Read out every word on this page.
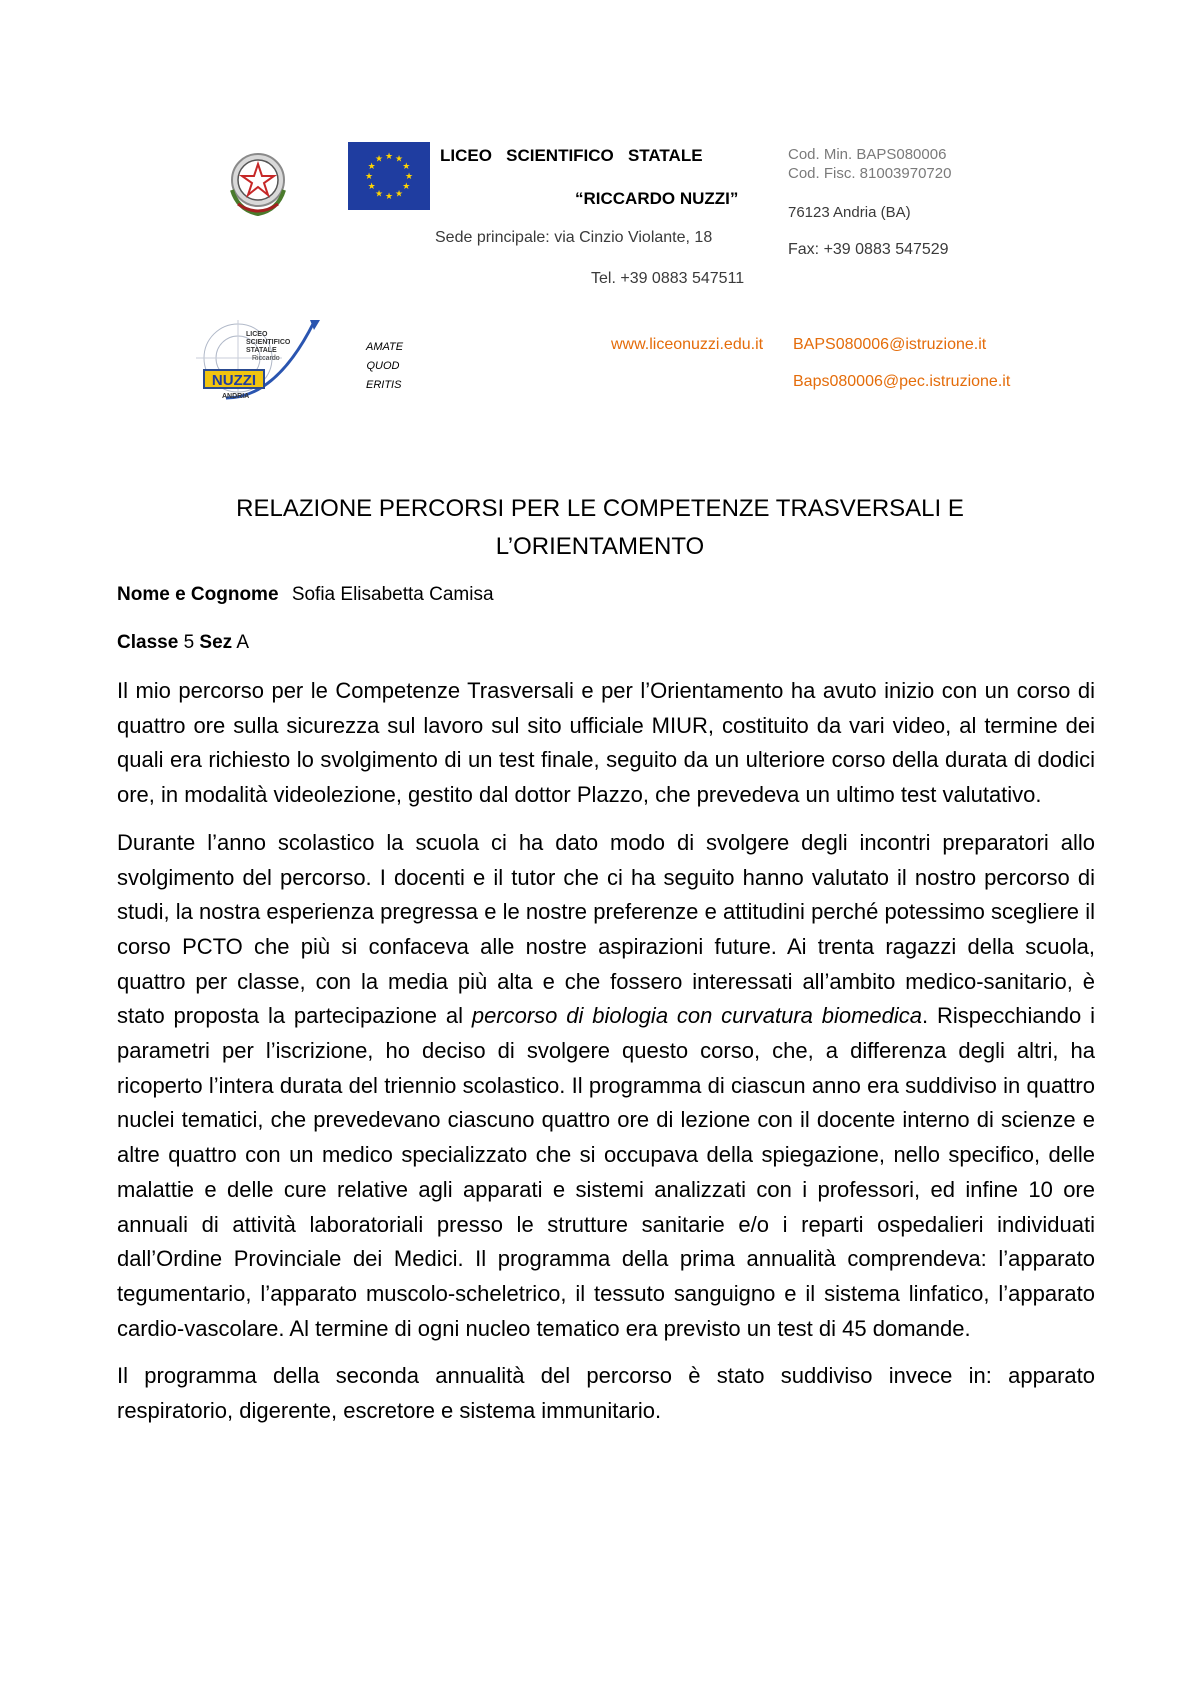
★
★
★
★
★
★
★
★
★ ★ ★
★
LICEO   SCIENTIFICO   STATALE
“RICCARDO NUZZI”
Sede principale: via Cinzio Violante, 18
Tel. +39 0883 547511
Cod. Min. BAPS080006
Cod. Fisc. 81003970720
76123 Andria (BA)
Fax: +39 0883 547529
NUZZI
LICEO
SCIENTIFICO
STATALE
Riccardo
ANDRIA
AMATE
QUOD
ERITIS
www.liceonuzzi.edu.it BAPS080006@istruzione.it
Baps080006@pec.istruzione.it
RELAZIONE PERCORSI PER LE COMPETENZE TRASVERSALI E
L’ORIENTAMENTO
Nome e Cognome Sofia Elisabetta Camisa
Classe 5 Sez A

Il mio percorso per le Competenze Trasversali e per l’Orientamento ha avuto inizio con un corso di quattro ore sulla sicurezza sul lavoro sul sito ufficiale MIUR, costituito da vari video, al termine dei quali era richiesto lo svolgimento di un test finale, seguito da un ulteriore corso della durata di dodici ore, in modalità videolezione, gestito dal dottor Plazzo, che prevedeva un ultimo test valutativo.

Durante l’anno scolastico la scuola ci ha dato modo di svolgere degli incontri preparatori allo svolgimento del percorso. I docenti e il tutor che ci ha seguito hanno valutato il nostro percorso di studi, la nostra esperienza pregressa e le nostre preferenze e attitudini perché potessimo scegliere il corso PCTO che più si confaceva alle nostre aspirazioni future. Ai trenta ragazzi della scuola, quattro per classe, con la media più alta e che fossero interessati all’ambito medico-sanitario, è stato proposta la partecipazione al percorso di biologia con curvatura biomedica. Rispecchiando i parametri per l’iscrizione, ho deciso di svolgere questo corso, che, a differenza degli altri, ha ricoperto l’intera durata del triennio scolastico. Il programma di ciascun anno era suddiviso in quattro nuclei tematici, che prevedevano ciascuno quattro ore di lezione con il docente interno di scienze e altre quattro con un medico specializzato che si occupava della spiegazione, nello specifico, delle malattie e delle cure relative agli apparati e sistemi analizzati con i professori, ed infine 10 ore annuali di attività laboratoriali presso le strutture sanitarie e/o i reparti ospedalieri individuati dall’Ordine Provinciale dei Medici. Il programma della prima annualità comprendeva: l’apparato tegumentario, l’apparato muscolo-scheletrico, il tessuto sanguigno e il sistema linfatico, l’apparato cardio-vascolare. Al termine di ogni nucleo tematico era previsto un test di 45 domande.

Il programma della seconda annualità del percorso è stato suddiviso invece in: apparato respiratorio, digerente, escretore e sistema immunitario.
